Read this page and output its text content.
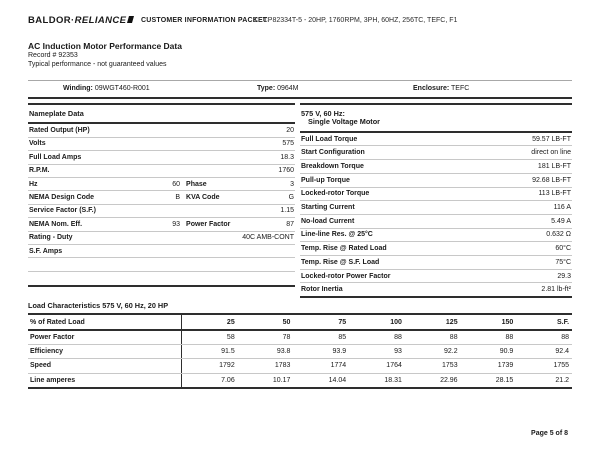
BALDOR·RELIANCE	CUSTOMER INFORMATION PACKET
CECP82334T-5 - 20HP, 1760RPM, 3PH, 60HZ, 256TC, TEFC, F1
AC Induction Motor Performance Data
Record # 92353
Typical performance - not guaranteed values
Winding: 09WGT460-R001	Type: 0964M	Enclosure: TEFC
Nameplate Data
Rated Output (HP)	20
Volts	575
Full Load Amps	18.3
R.P.M.	1760
Hz	60 Phase	3
NEMA Design Code	B KVA Code	G
Service Factor (S.F.)	1.15
NEMA Nom. Eff.	93 Power Factor	87
Rating - Duty	40C AMB-CONT
S.F. Amps
575 V, 60 Hz:
Single Voltage Motor
Full Load Torque	59.57 LB-FT
Start Configuration	direct on line
Breakdown Torque	181 LB-FT
Pull-up Torque	92.68 LB-FT
Locked-rotor Torque	113 LB-FT
Starting Current	116 A
No-load Current	5.49 A
Line-line Res. @ 25°C	0.632 Ω
Temp. Rise @ Rated Load	60°C
Temp. Rise @ S.F. Load	75°C
Locked-rotor Power Factor	29.3
Rotor Inertia	2.81 lb-ft²
Load Characteristics 575 V, 60 Hz, 20 HP
% of Rated Load	25	50	75	100	125	150	S.F.
Power Factor	58	78	85	88	88	88	88
Efficiency	91.5	93.8	93.9	93	92.2	90.9	92.4
Speed	1792	1783	1774	1764	1753	1739	1755
Line amperes	7.06	10.17	14.04	18.31	22.96	28.15	21.2
Page 5 of 8
